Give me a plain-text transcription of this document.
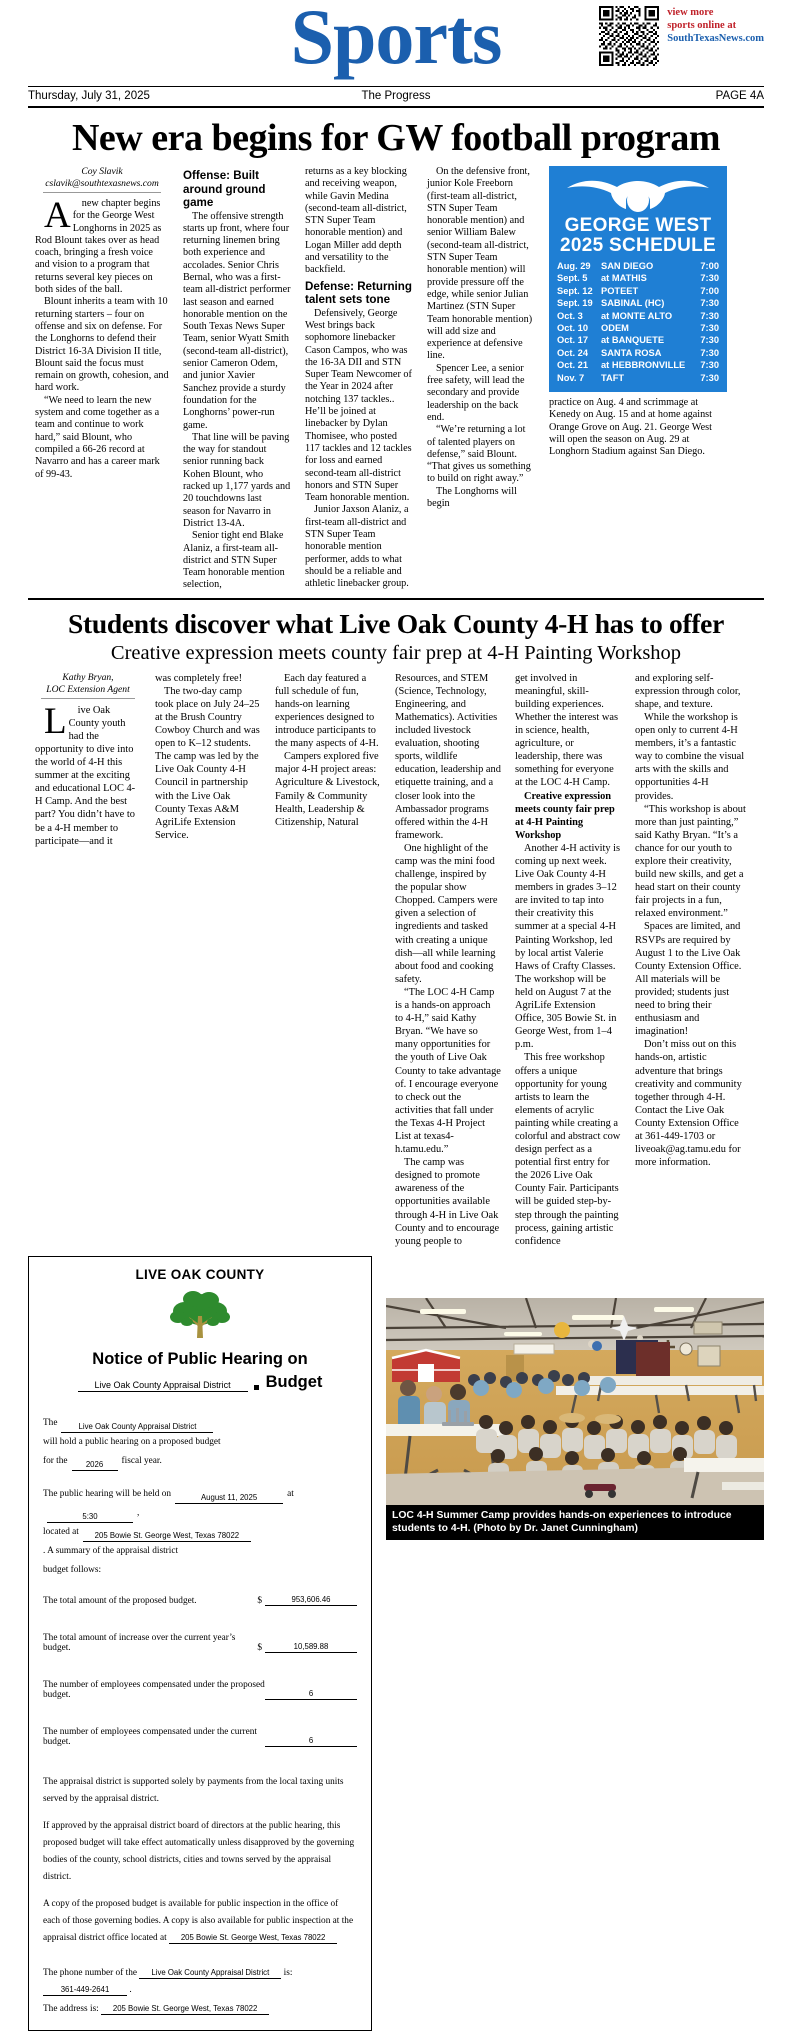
Sports	view more
sports online at
SouthTexasNews.com
Thursday, July 31, 2025	The Progress	PAGE 4A
New era begins for GW football program
Coy Slavik
cslavik@southtexasnews.com

A new chapter begins for the George West Longhorns in 2025 as Rod Blount takes over as head coach, bringing a fresh voice and vision to a program that returns several key pieces on both sides of the ball.

Blount inherits a team with 10 returning starters – four on offense and six on defense. For the Longhorns to defend their District 16-3A Division II title, Blount said the focus must remain on growth, cohesion, and hard work.

“We need to learn the new system and come together as a team and continue to work hard,” said Blount, who compiled a 66-26 record at Navarro and has a career mark of 99-43.

Offense: Built around ground game

The offensive strength starts up front, where four returning linemen bring both experience and accolades. Senior Chris Bernal, who was a first-team all-district performer last season and earned honorable mention on the South Texas News Super Team, senior Wyatt Smith (second-team all-district), senior Cameron Odem, and junior Xavier Sanchez provide a sturdy foundation for the Longhorns’ power-run game.

That line will be paving the way for standout senior running back Kohen Blount, who racked up 1,177 yards and 20 touchdowns last season for Navarro in District 13-4A.

Senior tight end Blake Alaniz, a first-team all-district and STN Super Team honorable mention selection,

returns as a key blocking and receiving weapon, while Gavin Medina (second-team all-district, STN Super Team honorable mention) and Logan Miller add depth and versatility to the backfield.

Defense: Returning talent sets tone

Defensively, George West brings back sophomore linebacker Cason Campos, who was the 16-3A DII and STN Super Team Newcomer of the Year in 2024 after notching 137 tackles.. He’ll be joined at linebacker by Dylan Thomisee, who posted 117 tackles and 12 tackles for loss and earned second-team all-district honors and STN Super Team honorable mention.

Junior Jaxson Alaniz, a first-team all-district and STN Super Team honorable mention performer, adds to what should be a reliable and athletic linebacker group.

On the defensive front, junior Kole Freeborn (first-team all-district, STN Super Team honorable mention) and senior William Balew (second-team all-district, STN Super Team honorable mention) will provide pressure off the edge, while senior Julian Martinez (STN Super Team honorable mention) will add size and experience at defensive line.

Spencer Lee, a senior free safety, will lead the secondary and provide leadership on the back end.

“We’re returning a lot of talented players on defense,” said Blount. “That gives us something to build on right away.”

The Longhorns will begin

GEORGE WEST
2025 SCHEDULE
Aug. 29	SAN DIEGO	7:00
Sept. 5	at MATHIS	7:30
Sept. 12	POTEET	7:00
Sept. 19	SABINAL (HC)	7:30
Oct. 3	at MONTE ALTO	7:30
Oct. 10	ODEM	7:30
Oct. 17	at BANQUETE	7:30
Oct. 24	SANTA ROSA	7:30
Oct. 21	at HEBBRONVILLE	7:30
Nov. 7	TAFT	7:30

practice on Aug. 4 and scrimmage at Kenedy on Aug. 15 and at home against Orange Grove on Aug. 21. George West will open the season on Aug. 29 at Longhorn Stadium against San Diego.

Students discover what Live Oak County 4-H has to offer
Creative expression meets county fair prep at 4-H Painting Workshop
Kathy Bryan,
LOC Extension Agent

L ive Oak County youth had the opportunity to dive into the world of 4-H this summer at the exciting and educational LOC 4-H Camp. And the best part? You didn’t have to be a 4-H member to participate—and it

was completely free!

The two-day camp took place on July 24–25 at the Brush Country Cowboy Church and was open to K–12 students. The camp was led by the Live Oak County 4-H Council in partnership with the Live Oak County Texas A&M AgriLife Extension Service.

Each day featured a full schedule of fun, hands-on learning experiences designed to introduce participants to the many aspects of 4-H.

Campers explored five major 4-H project areas: Agriculture & Livestock, Family & Community Health, Leadership & Citizenship, Natural

Resources, and STEM (Science, Technology, Engineering, and Mathematics). Activities included livestock evaluation, shooting sports, wildlife education, leadership and etiquette training, and a closer look into the Ambassador programs offered within the 4-H framework.

One highlight of the camp was the mini food challenge, inspired by the popular show Chopped. Campers were given a selection of ingredients and tasked with creating a unique dish—all while learning about food and cooking safety.

“The LOC 4-H Camp is a hands-on approach to 4-H,” said Kathy Bryan. “We have so many opportunities for the youth of Live Oak County to take advantage of. I encourage everyone to check out the activities that fall under the Texas 4-H Project List at texas4-h.tamu.edu.”

The camp was designed to promote awareness of the opportunities available through 4-H in Live Oak County and to encourage young people to

get involved in meaningful, skill-building experiences. Whether the interest was in science, health, agriculture, or leadership, there was something for everyone at the LOC 4-H Camp.

Creative expression meets county fair prep at 4-H Painting Workshop

Another 4-H activity is coming up next week. Live Oak County 4-H members in grades 3–12 are invited to tap into their creativity this summer at a special 4-H Painting Workshop, led by local artist Valerie Haws of Crafty Classes. The workshop will be held on August 7 at the AgriLife Extension Office, 305 Bowie St. in George West, from 1–4 p.m.

This free workshop offers a unique opportunity for young artists to learn the elements of acrylic painting while creating a colorful and abstract cow design perfect as a potential first entry for the 2026 Live Oak County Fair. Participants will be guided step-by-step through the painting process, gaining artistic confidence

and exploring self-expression through color, shape, and texture.

While the workshop is open only to current 4-H members, it’s a fantastic way to combine the visual arts with the skills and opportunities 4-H provides.

“This workshop is about more than just painting,” said Kathy Bryan. “It’s a chance for our youth to explore their creativity, build new skills, and get a head start on their county fair projects in a fun, relaxed environment.”

Spaces are limited, and RSVPs are required by August 1 to the Live Oak County Extension Office. All materials will be provided; students just need to bring their enthusiasm and imagination!

Don’t miss out on this hands-on, artistic adventure that brings creativity and community together through 4-H. Contact the Live Oak County Extension Office at 361-449-1703 or liveoak@ag.tamu.edu for more information.

LIVE OAK COUNTY
Notice of Public Hearing on
Live Oak County Appraisal District	Budget
The	Live Oak County Appraisal District
will hold a public hearing on a proposed budget
for the	2026	fiscal year.
The public hearing will be held on	August 11, 2025	at
5:30	,
located at	205 Bowie St. George West, Texas 78022
. A summary of the appraisal district
budget follows:
The total amount of the proposed budget.	$	953,606.46
The total amount of increase over the current year’s budget.	$	10,589.88
The number of employees compensated under the proposed budget.	6
The number of employees compensated under the current budget.	6
The appraisal district is supported solely by payments from the local taxing units served by the appraisal district.
If approved by the appraisal district board of directors at the public hearing, this proposed budget will take effect automatically unless disapproved by the governing bodies of the county, school districts, cities and towns served by the appraisal district.
A copy of the proposed budget is available for public inspection in the office of each of those governing bodies. A copy is also available for public inspection at the appraisal district office located at 205 Bowie St. George West, Texas 78022
The phone number of the Live Oak County Appraisal District is: 361-449-2641 .
The address is: 205 Bowie St. George West, Texas 78022
LOC 4-H Summer Camp provides hands-on experiences to introduce students to 4-H. (Photo by Dr. Janet Cunningham)
